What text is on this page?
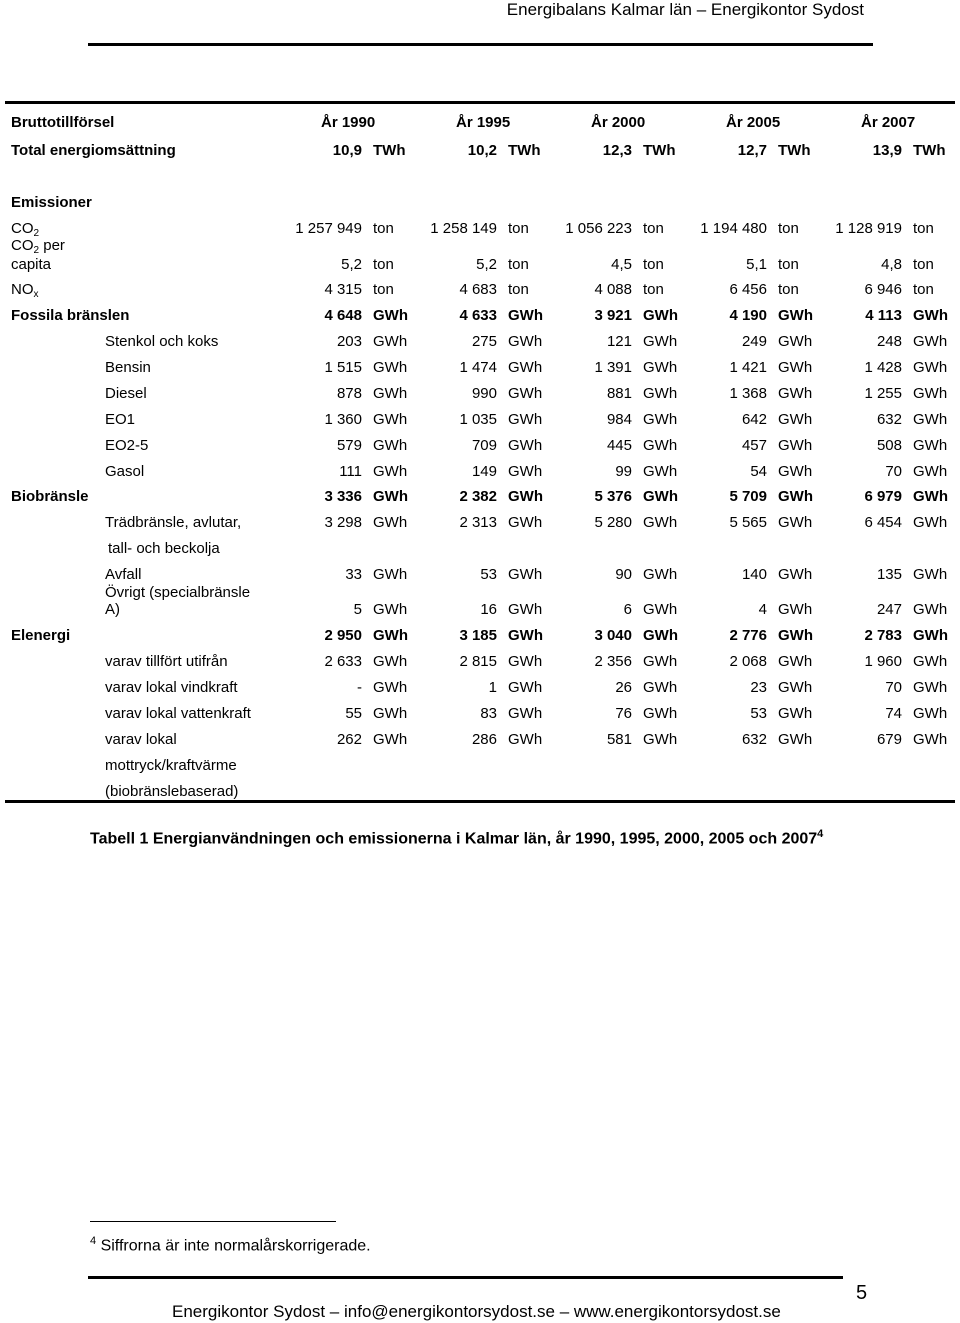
Energibalans Kalmar län – Energikontor Sydost
Bruttotillförsel	År 1990	År 1995	År 2000	År 2005	År 2007
Total energiomsättning	10,9 TWh	10,2 TWh	12,3 TWh	12,7 TWh	13,9 TWh
Emissioner
$CO_2$	1 257 949 ton	1 258 149 ton	1 056 223 ton	1 194 480 ton	1 128 919 ton
$CO_2$ per
capita	5,2 ton	5,2 ton	4,5 ton	5,1 ton	4,8 ton
$NO_x$	4 315 ton	4 683 ton	4 088 ton	6 456 ton	6 946 ton
Fossila bränslen	4 648 GWh	4 633 GWh	3 921 GWh	4 190 GWh	4 113 GWh
Stenkol och koks	203 GWh	275 GWh	121 GWh	249 GWh	248 GWh
Bensin	1 515 GWh	1 474 GWh	1 391 GWh	1 421 GWh	1 428 GWh
Diesel	878 GWh	990 GWh	881 GWh	1 368 GWh	1 255 GWh
EO1	1 360 GWh	1 035 GWh	984 GWh	642 GWh	632 GWh
EO2-5	579 GWh	709 GWh	445 GWh	457 GWh	508 GWh
Gasol	111 GWh	149 GWh	99 GWh	54 GWh	70 GWh
Biobränsle	3 336 GWh	2 382 GWh	5 376 GWh	5 709 GWh	6 979 GWh
Trädbränsle, avlutar,	3 298 GWh	2 313 GWh	5 280 GWh	5 565 GWh	6 454 GWh
tall- och beckolja
Avfall	33 GWh	53 GWh	90 GWh	140 GWh	135 GWh
Övrigt (specialbränsle
A)	5 GWh	16 GWh	6 GWh	4 GWh	247 GWh
Elenergi	2 950 GWh	3 185 GWh	3 040 GWh	2 776 GWh	2 783 GWh
varav tillfört utifrån	2 633 GWh	2 815 GWh	2 356 GWh	2 068 GWh	1 960 GWh
varav lokal vindkraft	- GWh	1 GWh	26 GWh	23 GWh	70 GWh
varav lokal vattenkraft	55 GWh	83 GWh	76 GWh	53 GWh	74 GWh
varav lokal	262 GWh	286 GWh	581 GWh	632 GWh	679 GWh
mottryck/kraftvärme
(biobränslebaserad)
Tabell 1 Energianvändningen och emissionerna i Kalmar län, år 1990, 1995, 2000, 2005 och 2007$^4$
$^4$ Siffrorna är inte normalårskorrigerade.
5
Energikontor Sydost – info@energikontorsydost.se – www.energikontorsydost.se
